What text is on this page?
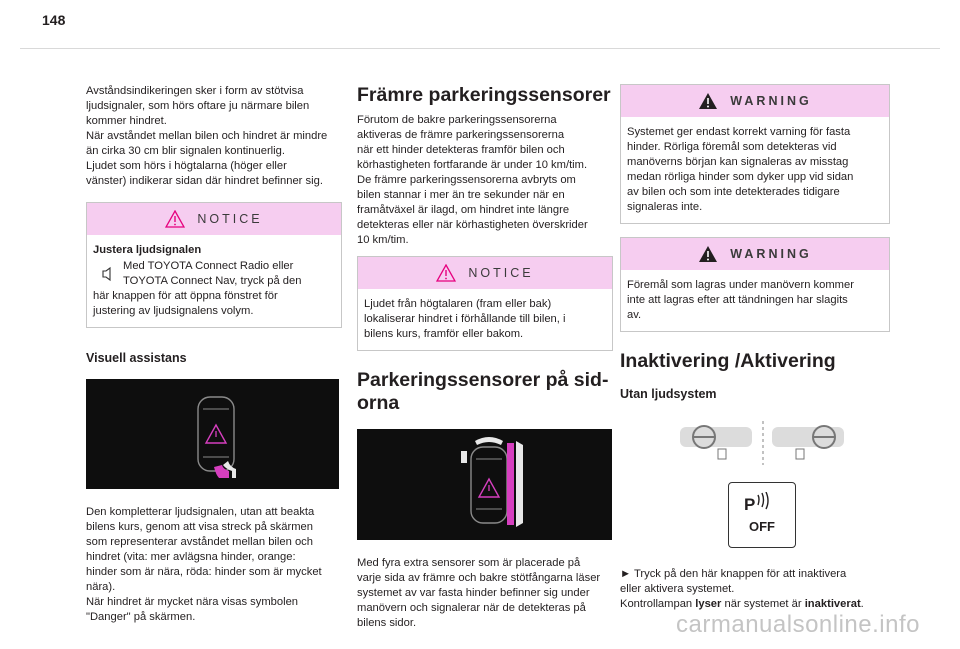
148

Avståndsindikeringen sker i form av stötvisa
ljudsignaler, som hörs oftare ju närmare bilen
kommer hindret.
När avståndet mellan bilen och hindret är mindre
än cirka 30 cm blir signalen kontinuerlig.
Ljudet som hörs i högtalarna (höger eller
vänster) indikerar sidan där hindret befinner sig.

NOTICE
Justera ljudsignalen
Med TOYOTA Connect Radio eller
TOYOTA Connect Nav, tryck på den
här knappen för att öppna fönstret för
justering av ljudsignalens volym.
Visuell assistans

Den kompletterar ljudsignalen, utan att beakta
bilens kurs, genom att visa streck på skärmen
som representerar avståndet mellan bilen och
hindret (vita: mer avlägsna hinder, orange:
hinder som är nära, röda: hinder som är mycket
nära).
När hindret är mycket nära visas symbolen
"Danger" på skärmen.

Främre parkeringssensorer

Förutom de bakre parkeringssensorerna
aktiveras de främre parkeringssensorerna
när ett hinder detekteras framför bilen och
körhastigheten fortfarande är under 10 km/tim.
De främre parkeringssensorerna avbryts om
bilen stannar i mer än tre sekunder när en
framåtväxel är ilagd, om hindret inte längre
detekteras eller när körhastigheten överskrider
10 km/tim.

NOTICE
Ljudet från högtalaren (fram eller bak)
lokaliserar hindret i förhållande till bilen, i
bilens kurs, framför eller bakom.
Parkeringssensorer på sid-
orna

Med fyra extra sensorer som är placerade på
varje sida av främre och bakre stötfångarna läser
systemet av var fasta hinder befinner sig under
manövern och signalerar när de detekteras på
bilens sidor.

WARNING
Systemet ger endast korrekt varning för fasta
hinder. Rörliga föremål som detekteras vid
manöverns början kan signaleras av misstag
medan rörliga hinder som dyker upp vid sidan
av bilen och som inte detekterades tidigare
signaleras inte.
WARNING
Föremål som lagras under manövern kommer
inte att lagras efter att tändningen har slagits
av.
Inaktivering /Aktivering
Utan ljudsystem
P
OFF

► Tryck på den här knappen för att inaktivera
eller aktivera systemet.
Kontrollampan lyser när systemet är inaktiverat.

carmanualsonline.info
